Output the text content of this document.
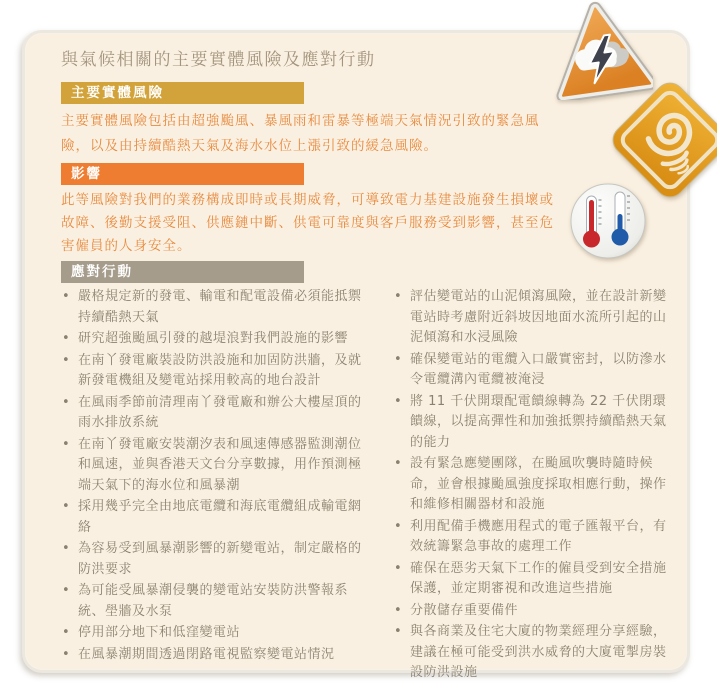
與氣候相關的主要實體風險及應對行動
主要實體風險

主要實體風險包括由超強颱風、暴風雨和雷暴等極端天氣情況引致的緊急風險，以及由持續酷熱天氣及海水水位上漲引致的緩急風險。

影響

此等風險對我們的業務構成即時或長期威脅，可導致電力基建設施發生損壞或故障、後勤支援受阻、供應鏈中斷、供電可靠度與客戶服務受到影響，甚至危害僱員的人身安全。

應對行動
• 嚴格規定新的發電、輸電和配電設備必須能抵禦持續酷熱天氣
• 研究超強颱風引發的越堤浪對我們設施的影響
• 在南丫發電廠裝設防洪設施和加固防洪牆，及就新發電機組及變電站採用較高的地台設計
• 在風雨季節前清理南丫發電廠和辦公大樓屋頂的雨水排放系統
• 在南丫發電廠安裝潮汐表和風速傳感器監測潮位和風速，並與香港天文台分享數據，用作預測極端天氣下的海水位和風暴潮
• 採用幾乎完全由地底電纜和海底電纜組成輸電網絡
• 為容易受到風暴潮影響的新變電站，制定嚴格的防洪要求
• 為可能受風暴潮侵襲的變電站安裝防洪警報系統、壆牆及水泵
• 停用部分地下和低窪變電站
• 在風暴潮期間透過閉路電視監察變電站情況
• 評估變電站的山泥傾瀉風險，並在設計新變電站時考慮附近斜坡因地面水流所引起的山泥傾瀉和水浸風險
• 確保變電站的電纜入口嚴實密封，以防滲水令電纜溝內電纜被淹浸
• 將 11 千伏開環配電饋線轉為 22 千伏閉環饋線，以提高彈性和加強抵禦持續酷熱天氣的能力
• 設有緊急應變團隊，在颱風吹襲時隨時候命，並會根據颱風強度採取相應行動，操作和維修相關器材和設施
• 利用配備手機應用程式的電子匯報平台，有效統籌緊急事故的處理工作
• 確保在惡劣天氣下工作的僱員受到安全措施保護，並定期審視和改進這些措施
• 分散儲存重要備件
• 與各商業及住宅大廈的物業經理分享經驗，建議在極可能受到洪水威脅的大廈電掣房裝設防洪設施
